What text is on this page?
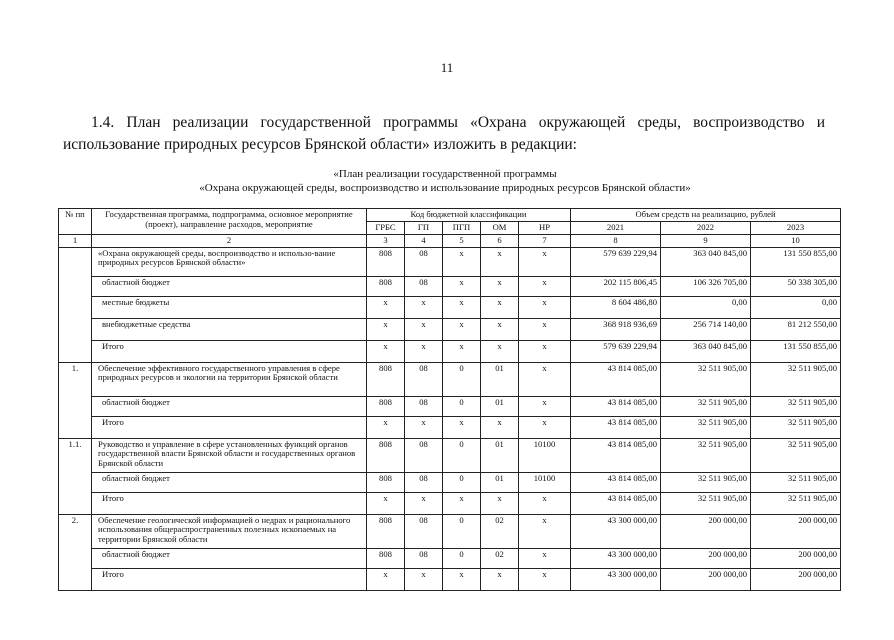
11
1.4. План реализации государственной программы «Охрана окружающей среды, воспроизводство и использование природных ресурсов Брянской области» изложить в редакции:
«План реализации государственной программы
«Охрана окружающей среды, воспроизводство и использование природных ресурсов Брянской области»
№ пп	Государственная программа, подпрограмма, основное мероприятие (проект), направление расходов, мероприятие	Код бюджетной классификации					Объем средств на реализацию, рублей		
		ГРБС	ГП	ПГП	ОМ	НР	2021	2022	2023
1	2	3	4	5	6	7	8	9	10
	«Охрана окружающей среды, воспроизводство и использо-вание природных ресурсов Брянской области»	808	08	x	x	x	579 639 229,94	363 040 845,00	131 550 855,00
	областной бюджет	808	08	x	x	x	202 115 806,45	106 326 705,00	50 338 305,00
	местные бюджеты	x	x	x	x	x	8 604 486,80	0,00	0,00
	внебюджетные средства	x	x	x	x	x	368 918 936,69	256 714 140,00	81 212 550,00
	Итого	x	x	x	x	x	579 639 229,94	363 040 845,00	131 550 855,00
1.	Обеспечение эффективного государственного управления в сфере природных ресурсов и экологии на территории Брянской области	808	08	0	01	x	43 814 085,00	32 511 905,00	32 511 905,00
	областной бюджет	808	08	0	01	x	43 814 085,00	32 511 905,00	32 511 905,00
	Итого	x	x	x	x	x	43 814 085,00	32 511 905,00	32 511 905,00
1.1.	Руководство и управление в сфере установленных функций органов государственной власти Брянской области и государственных органов Брянской области	808	08	0	01	10100	43 814 085,00	32 511 905,00	32 511 905,00
	областной бюджет	808	08	0	01	10100	43 814 085,00	32 511 905,00	32 511 905,00
	Итого	x	x	x	x	x	43 814 085,00	32 511 905,00	32 511 905,00
2.	Обеспечение геологической информацией о недрах и рационального использования общераспространенных полезных ископаемых на территории Брянской области	808	08	0	02	x	43 300 000,00	200 000,00	200 000,00
	областной бюджет	808	08	0	02	x	43 300 000,00	200 000,00	200 000,00
	Итого	x	x	x	x	x	43 300 000,00	200 000,00	200 000,00
